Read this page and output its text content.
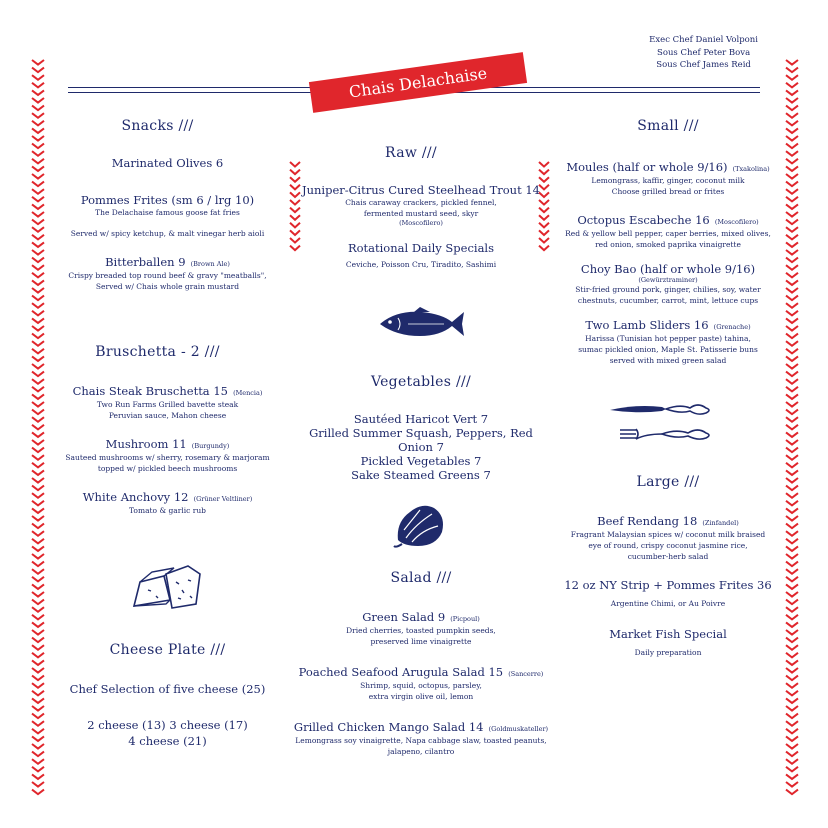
Exec Chef Daniel Volponi
Sous Chef Peter Bova
Sous Chef James Reid
Chais Delachaise
Snacks ///
Marinated Olives 6
Pommes Frites (sm 6 / lrg 10)
The Delachaise famous goose fat fries
Served w/ spicy ketchup, & malt vinegar herb aioli
Bitterballen 9 (Brown Ale)
Crispy breaded top round beef & gravy "meatballs",
Served w/ Chais whole grain mustard
Bruschetta - 2 ///
Chais Steak Bruschetta 15 (Mencia)
Two Run Farms Grilled bavette steak
Peruvian sauce, Mahon cheese
Mushroom 11 (Burgundy)
Sauteed mushrooms w/ sherry, rosemary & marjoram
topped w/ pickled beech mushrooms
White Anchovy 12 (Grüner Veltliner)
Tomato & garlic rub
Cheese Plate ///
Chef Selection of five cheese (25)
2 cheese (13) 3 cheese (17)
4 cheese (21)
Raw ///
Juniper-Citrus Cured Steelhead Trout 14
Chais caraway crackers, pickled fennel,
fermented mustard seed, skyr
(Moscofilero)
Rotational Daily Specials
Ceviche, Poisson Cru, Tiradito, Sashimi
Vegetables ///
Sautéed Haricot Vert 7
Grilled Summer Squash, Peppers, Red Onion 7
Pickled Vegetables 7
Sake Steamed Greens 7
Salad ///
Green Salad 9 (Picpoul)
Dried cherries, toasted pumpkin seeds,
preserved lime vinaigrette
Poached Seafood Arugula Salad 15 (Sancerre)
Shrimp, squid, octopus, parsley,
extra virgin olive oil, lemon
Grilled Chicken Mango Salad 14 (Goldmuskateller)
Lemongrass soy vinaigrette, Napa cabbage slaw, toasted peanuts,
jalapeno, cilantro
Small ///
Moules (half or whole 9/16) (Txakolina)
Lemongrass, kaffir, ginger, coconut milk
Choose grilled bread or frites
Octopus Escabeche 16 (Moscofilero)
Red & yellow bell pepper, caper berries, mixed olives,
red onion, smoked paprika vinaigrette
Choy Bao (half or whole 9/16)
(Gewürztraminer)
Stir-fried ground pork, ginger, chilies, soy, water
chestnuts, cucumber, carrot, mint, lettuce cups
Two Lamb Sliders 16 (Grenache)
Harissa (Tunisian hot pepper paste) tahina,
sumac pickled onion, Maple St. Patisserie buns
served with mixed green salad
Large ///
Beef Rendang 18 (Zinfandel)
Fragrant Malaysian spices w/ coconut milk braised
eye of round, crispy coconut jasmine rice,
cucumber-herb salad
12 oz NY Strip + Pommes Frites 36
Argentine Chimi, or Au Poivre
Market Fish Special
Daily preparation
